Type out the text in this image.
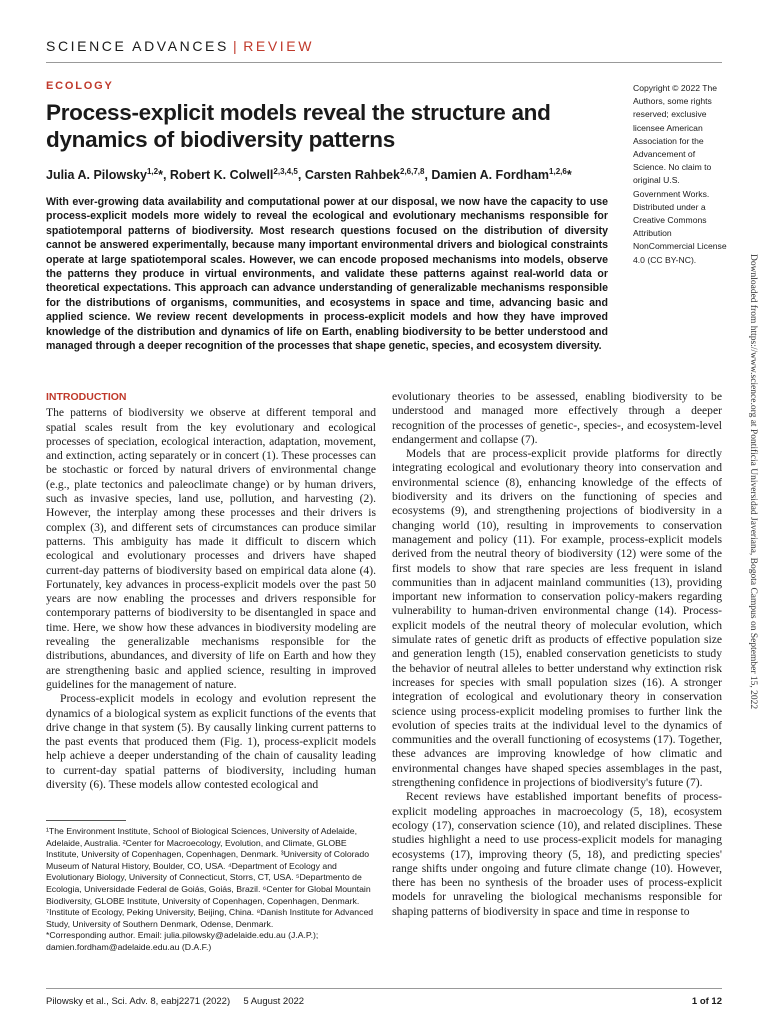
SCIENCE ADVANCES | REVIEW
ECOLOGY
Process-explicit models reveal the structure and dynamics of biodiversity patterns
Julia A. Pilowsky$^{1,2}$*, Robert K. Colwell$^{2,3,4,5}$, Carsten Rahbek$^{2,6,7,8}$, Damien A. Fordham$^{1,2,6}$*
With ever-growing data availability and computational power at our disposal, we now have the capacity to use process-explicit models more widely to reveal the ecological and evolutionary mechanisms responsible for spatiotemporal patterns of biodiversity. Most research questions focused on the distribution of diversity cannot be answered experimentally, because many important environmental drivers and biological constraints operate at large spatiotemporal scales. However, we can encode proposed mechanisms into models, observe the patterns they produce in virtual environments, and validate these patterns against real-world data or theoretical expectations. This approach can advance understanding of generalizable mechanisms responsible for the distributions of organisms, communities, and ecosystems in space and time, advancing basic and applied science. We review recent developments in process-explicit models and how they have improved knowledge of the distribution and dynamics of life on Earth, enabling biodiversity to be better understood and managed through a deeper recognition of the processes that shape genetic, species, and ecosystem diversity.
Copyright © 2022 The Authors, some rights reserved; exclusive licensee American Association for the Advancement of Science. No claim to original U.S. Government Works. Distributed under a Creative Commons Attribution NonCommercial License 4.0 (CC BY-NC).	Downloaded from https://www.science.org at Pontificia Universidad Javeriana, Bogota Campus on September 15, 2022
INTRODUCTION

The patterns of biodiversity we observe at different temporal and spatial scales result from the key evolutionary and ecological processes of speciation, ecological interaction, adaptation, movement, and extinction, acting separately or in concert (1). These processes can be stochastic or forced by natural drivers of environmental change (e.g., plate tectonics and paleoclimate change) or by human drivers, such as invasive species, land use, pollution, and harvesting (2). However, the interplay among these processes and their drivers is complex (3), and different sets of circumstances can produce similar patterns. This ambiguity has made it difficult to discern which ecological and evolutionary processes and drivers have shaped current-day patterns of biodiversity based on empirical data alone (4). Fortunately, key advances in process-explicit models over the past 50 years are now enabling the processes and drivers responsible for contemporary patterns of biodiversity to be disentangled in space and time. Here, we show how these advances in biodiversity modeling are revealing the generalizable mechanisms responsible for the distributions, abundances, and diversity of life on Earth and how they are strengthening basic and applied science, resulting in improved guidelines for the management of nature.

Process-explicit models in ecology and evolution represent the dynamics of a biological system as explicit functions of the events that drive change in that system (5). By causally linking current patterns to the past events that produced them (Fig. 1), process-explicit models help achieve a deeper understanding of the chain of causality leading to current-day spatial patterns of biodiversity, including human diversity (6). These models allow contested ecological and

evolutionary theories to be assessed, enabling biodiversity to be understood and managed more effectively through a deeper recognition of the processes of genetic-, species-, and ecosystem-level endangerment and collapse (7).

Models that are process-explicit provide platforms for directly integrating ecological and evolutionary theory into conservation and environmental science (8), enhancing knowledge of the effects of biodiversity and its drivers on the functioning of species and ecosystems (9), and strengthening projections of biodiversity in a changing world (10), resulting in improvements to conservation management and policy (11). For example, process-explicit models derived from the neutral theory of biodiversity (12) were some of the first models to show that rare species are less frequent in island communities than in adjacent mainland communities (13), providing important new information to conservation policy-makers regarding vulnerability to human-driven environmental change (14). Process-explicit models of the neutral theory of molecular evolution, which simulate rates of genetic drift as products of effective population size and generation length (15), enabled conservation geneticists to study the behavior of neutral alleles to better understand why extinction risk increases for species with small population sizes (16). A stronger integration of ecological and evolutionary theory in conservation science using process-explicit modeling promises to further link the evolution of species traits at the individual level to the dynamics of communities and the overall functioning of ecosystems (17). Together, these advances are improving knowledge of how climatic and environmental changes have shaped species assemblages in the past, strengthening confidence in projections of biodiversity's future (7).

Recent reviews have established important benefits of process-explicit modeling approaches in macroecology (5, 18), ecosystem ecology (17), conservation science (10), and related disciplines. These studies highlight a need to use process-explicit models for managing ecosystems (17), improving theory (5, 18), and predicting species' range shifts under ongoing and future climate change (10). However, there has been no synthesis of the broader uses of process-explicit models for unraveling the biological mechanisms responsible for shaping patterns of biodiversity in space and time in response to

¹The Environment Institute, School of Biological Sciences, University of Adelaide, Adelaide, Australia. ²Center for Macroecology, Evolution, and Climate, GLOBE Institute, University of Copenhagen, Copenhagen, Denmark. ³University of Colorado Museum of Natural History, Boulder, CO, USA. ⁴Department of Ecology and Evolutionary Biology, University of Connecticut, Storrs, CT, USA. ⁵Departmento de Ecologia, Universidade Federal de Goiás, Goiás, Brazil. ⁶Center for Global Mountain Biodiversity, GLOBE Institute, University of Copenhagen, Copenhagen, Denmark. ⁷Institute of Ecology, Peking University, Beijing, China. ⁸Danish Institute for Advanced Study, University of Southern Denmark, Odense, Denmark.
*Corresponding author. Email: julia.pilowsky@adelaide.edu.au (J.A.P.); damien.fordham@adelaide.edu.au (D.A.F.)
Pilowsky et al., Sci. Adv. 8, eabj2271 (2022)     5 August 2022	1 of 12
